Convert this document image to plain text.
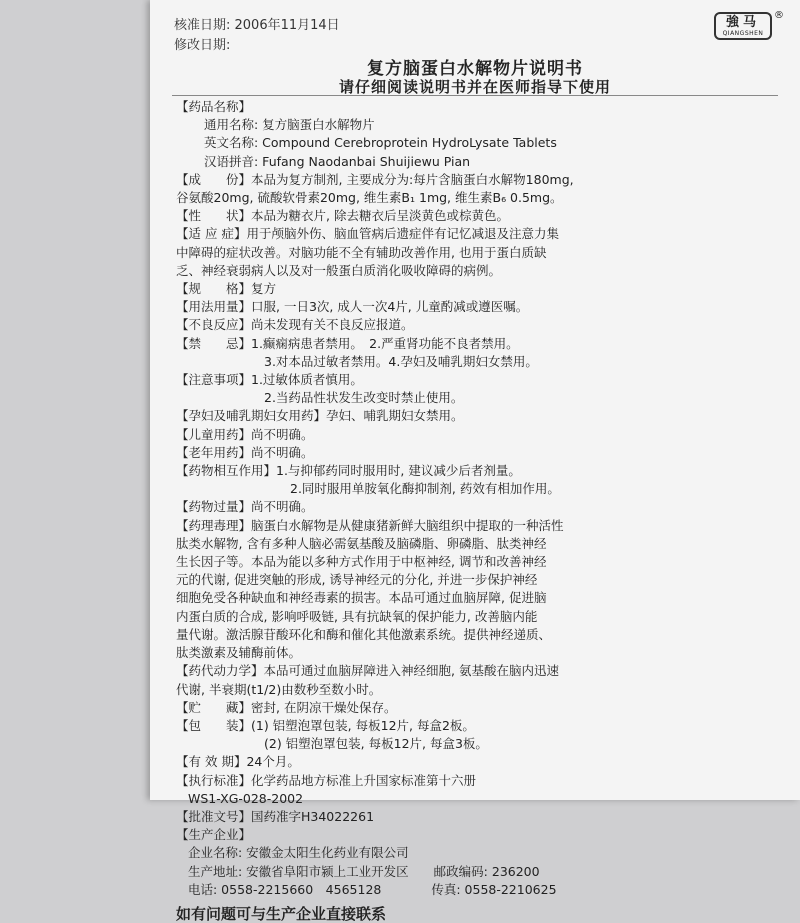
核准日期: 2006年11月14日
修改日期:
強马
QIANGSHEN
®
复方脑蛋白水解物片说明书
请仔细阅读说明书并在医师指导下使用
【药品名称】
通用名称: 复方脑蛋白水解物片
英文名称: Compound Cerebroprotein HydroLysate Tablets
汉语拼音: Fufang Naodanbai Shuijiewu Pian
【成　　份】本品为复方制剂, 主要成分为:每片含脑蛋白水解物180mg,
谷氨酸20mg, 硫酸软骨素20mg, 维生素B₁ 1mg, 维生素B₆ 0.5mg。
【性　　状】本品为糖衣片, 除去糖衣后呈淡黄色或棕黄色。
【适 应 症】用于颅脑外伤、脑血管病后遗症伴有记忆减退及注意力集
中障碍的症状改善。对脑功能不全有辅助改善作用, 也用于蛋白质缺
乏、神经衰弱病人以及对一般蛋白质消化吸收障碍的病例。
【规　　格】复方
【用法用量】口服, 一日3次, 成人一次4片, 儿童酌减或遵医嘱。
【不良反应】尚未发现有关不良反应报道。
【禁　　忌】1.癫痫病患者禁用。　2.严重肾功能不良者禁用。
3.对本品过敏者禁用。4.孕妇及哺乳期妇女禁用。
【注意事项】1.过敏体质者慎用。
2.当药品性状发生改变时禁止使用。
【孕妇及哺乳期妇女用药】孕妇、哺乳期妇女禁用。
【儿童用药】尚不明确。
【老年用药】尚不明确。
【药物相互作用】1.与抑郁药同时服用时, 建议减少后者剂量。
2.同时服用单胺氧化酶抑制剂, 药效有相加作用。
【药物过量】尚不明确。
【药理毒理】脑蛋白水解物是从健康猪新鲜大脑组织中提取的一种活性
肽类水解物, 含有多种人脑必需氨基酸及脑磷脂、卵磷脂、肽类神经
生长因子等。本品为能以多种方式作用于中枢神经, 调节和改善神经
元的代谢, 促进突触的形成, 诱导神经元的分化, 并进一步保护神经
细胞免受各种缺血和神经毒素的损害。本品可通过血脑屏障, 促进脑
内蛋白质的合成, 影响呼吸链, 具有抗缺氧的保护能力, 改善脑内能
量代谢。激活腺苷酸环化和酶和催化其他激素系统。提供神经递质、
肽类激素及辅酶前体。
【药代动力学】本品可通过血脑屏障进入神经细胞, 氨基酸在脑内迅速
代谢, 半衰期(t1/2)由数秒至数小时。
【贮　　藏】密封, 在阴凉干燥处保存。
【包　　装】(1) 铝塑泡罩包装, 每板12片, 每盒2板。
(2) 铝塑泡罩包装, 每板12片, 每盒3板。
【有 效 期】24个月。
【执行标准】化学药品地方标准上升国家标准第十六册
WS1-XG-028-2002
【批准文号】国药准字H34022261
【生产企业】
企业名称: 安徽金太阳生化药业有限公司
生产地址: 安徽省阜阳市颍上工业开发区　　邮政编码: 236200
电话: 0558-2215660　4565128　　　　传真: 0558-2210625
如有问题可与生产企业直接联系
